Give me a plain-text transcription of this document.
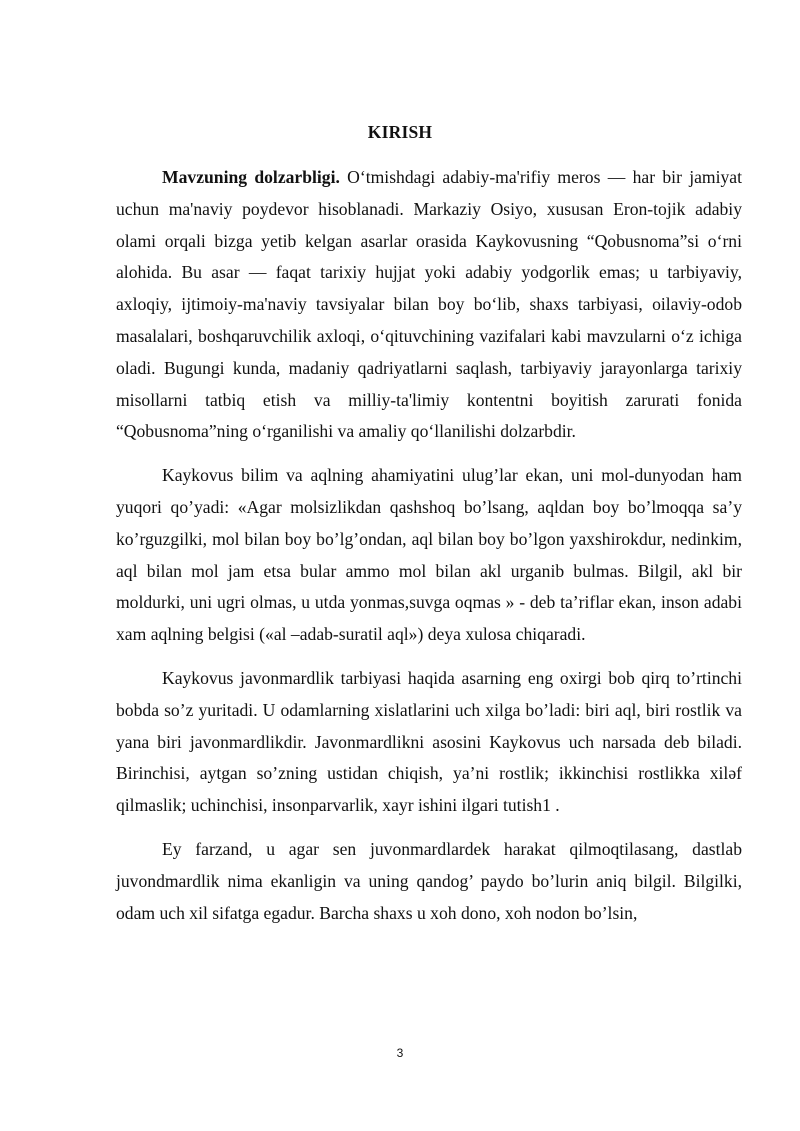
KIRISH

Mavzuning dolzarbligi. O‘tmishdagi adabiy-ma'rifiy meros — har bir jamiyat uchun ma'naviy poydevor hisoblanadi. Markaziy Osiyo, xususan Eron-tojik adabiy olami orqali bizga yetib kelgan asarlar orasida Kaykovusning “Qobusnoma”si o‘rni alohida. Bu asar — faqat tarixiy hujjat yoki adabiy yodgorlik emas; u tarbiyaviy, axloqiy, ijtimoiy-ma'naviy tavsiyalar bilan boy bo‘lib, shaxs tarbiyasi, oilaviy-odob masalalari, boshqaruvchilik axloqi, o‘qituvchining vazifalari kabi mavzularni o‘z ichiga oladi. Bugungi kunda, madaniy qadriyatlarni saqlash, tarbiyaviy jarayonlarga tarixiy misollarni tatbiq etish va milliy-ta'limiy kontentni boyitish zarurati fonida “Qobusnoma”ning o‘rganilishi va amaliy qo‘llanilishi dolzarbdir.

Kaykovus bilim va aqlning ahamiyatini ulug’lar ekan, uni mol-dunyodan ham yuqori qo’yadi: «Agar molsizlikdan qashshoq bo’lsang, aqldan boy bo’lmoqqa sa’y ko’rguzgilki, mol bilan boy bo’lg’ondan, aql bilan boy bo’lgon yaxshirokdur, nedinkim, aql bilan mol jam etsa bular ammo mol bilan akl urganib bulmas. Bilgil, akl bir moldurki, uni ugri olmas, u utda yonmas,suvga oqmas » - deb ta’riflar ekan, inson adabi xam aqlning belgisi («al –adab-suratil aql») deya xulosa chiqaradi.

Kaykovus javonmardlik tarbiyasi haqida asarning eng oxirgi bob qirq to’rtinchi bobda so’z yuritadi. U odamlarning xislatlarini uch xilga bo’ladi: biri aql, biri rostlik va yana biri javonmardlikdir. Javonmardlikni asosini Kaykovus uch narsada deb biladi. Birinchisi, aytgan so’zning ustidan chiqish, ya’ni rostlik; ikkinchisi rostlikka xiləf qilmaslik; uchinchisi, insonparvarlik, xayr ishini ilgari tutish1 .

Ey farzand, u agar sen juvonmardlardek harakat qilmoqtilasang, dastlab juvondmardlik nima ekanligin va uning qandog’ paydo bo’lurin aniq bilgil. Bilgilki, odam uch xil sifatga egadur. Barcha shaxs u xoh dono, xoh nodon bo’lsin,

3
